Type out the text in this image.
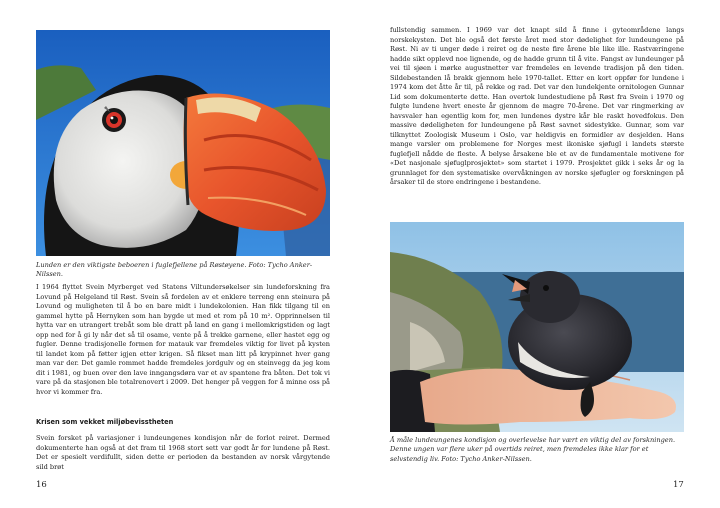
Lunden er den viktigste beboeren i fuglefjellene på Røstøyene. Foto: Tycho Anker-Nilssen.

I 1964 flyttet Svein Myrberget ved Statens Viltundersøkelser sin lundeforskning fra Lovund på Helgeland til Røst. Svein så fordelen av et enklere terreng enn steinura på Lovund og muligheten til å bo en bare midt i lundekolonien. Han fikk tilgang til en gammel hytte på Hernyken som han bygde ut med et rom på 10 m². Opprinnelsen til hytta var en utrangert trebåt som ble dratt på land en gang i mellomkrigstiden og lagt opp ned for å gi ly når det så til osame, vente på å trekke garnene, eller hastet egg og fugler. Denne tradisjonelle formen for matauk var fremdeles viktig for livet på kysten til landet kom på føtter igjen etter krigen. Så fikset man litt på krypinnet hver gang man var der. Det gamle rommet hadde fremdeles jordgulv og en steinvegg da jeg kom dit i 1981, og buen over den lave inngangsdøra var et av spantene fra båten. Det tok vi vare på da stasjonen ble totalrenovert i 2009. Det henger på veggen for å minne oss på hvor vi kommer fra.

Krisen som vekket miljøbevisstheten

Svein forsket på variasjoner i lundeungenes kondisjon når de forlot reiret. Dermed dokumenterte han også at det fram til 1968 stort sett var godt år for lundene på Røst. Det er spesielt verdifullt, siden dette er perioden da bestanden av norsk vårgytende sild brøt

16

fullstendig sammen. I 1969 var det knapt sild å finne i gyteområdene langs norskekysten. Det ble også det første året med stor dødelighet for lundeungene på Røst. Ni av ti unger døde i reiret og de neste fire årene ble like ille. Rastværingene hadde sikt opplevd noe lignende, og de hadde grunn til å vite. Fangst av lundeunger på vei til sjøen i mørke augustnetter var fremdeles en levende tradisjon på den tiden. Sildebestanden lå brakk gjennom hele 1970-tallet. Etter en kort oppfør for lundene i 1974 kom det åtte år til, på rekke og rad. Det var den lundekjente ornitologen Gunnar Lid som dokumenterte dette. Han overtok lundestudiene på Røst fra Svein i 1970 og fulgte lundene hvert eneste år gjennom de magre 70-årene. Det var ringmerking av havsvaler han egentlig kom for, men lundenes dystre kår ble raskt hovedfokus. Den massive dødeligheten for lundeungene på Røst savnet sidestykke. Gunnar, som var tilknyttet Zoologisk Museum i Oslo, var heldigvis en formidler av desjelden. Hans mange varsler om problemene for Norges mest ikoniske sjøfugl i landets største fuglefjell nådde de fleste. Å belyse årsakene ble et av de fundamentale motivene for «Det nasjonale sjøfuglprosjektet» som startet i 1979. Prosjektet gikk i seks år og la grunnlaget for den systematiske overvåkningen av norske sjøfugler og forskningen på årsaker til de store endringene i bestandene.

Å måle lundeungenes kondisjon og overlevelse har vært en viktig del av forskningen. Denne ungen var flere uker på overtids reiret, men fremdeles ikke klar for et selvstendig liv. Foto: Tycho Anker-Nilssen.
17
